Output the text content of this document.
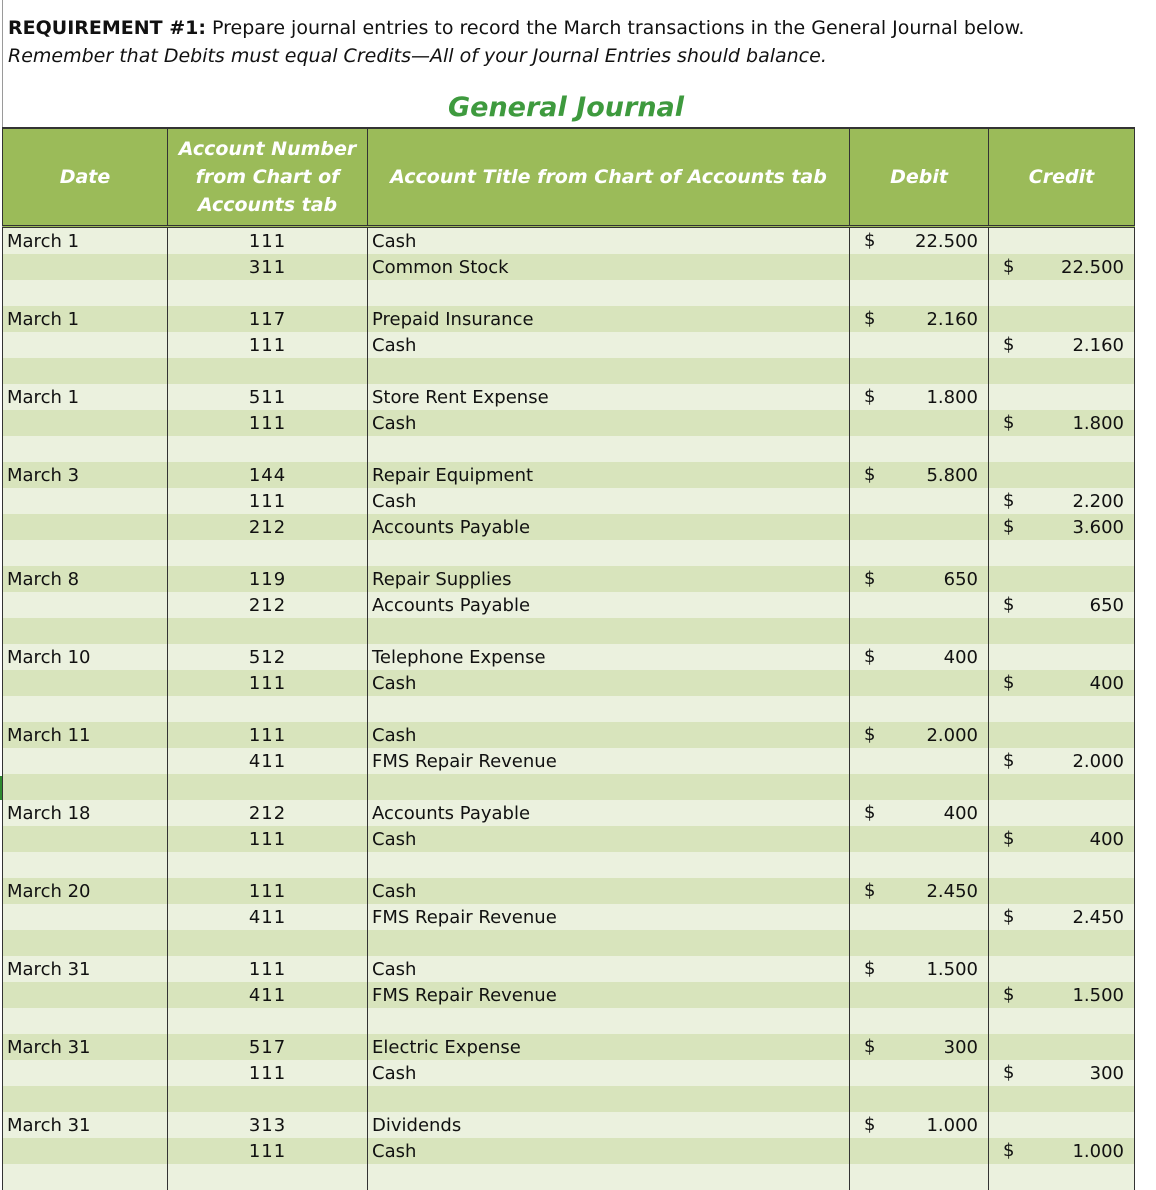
REQUIREMENT #1: Prepare journal entries to record the March transactions in the General Journal below.
Remember that Debits must equal Credits—All of your Journal Entries should balance.
General Journal
Date	Account Number from Chart of Accounts tab	Account Title from Chart of Accounts tab	Debit	Credit
March 1	111	Cash	$ 22.500	
	311	Common Stock		$ 22.500

March 1	117	Prepaid Insurance	$ 2.160	
	111	Cash		$ 2.160

March 1	511	Store Rent Expense	$ 1.800	
	111	Cash		$ 1.800

March 3	144	Repair Equipment	$ 5.800	
	111	Cash		$ 2.200
	212	Accounts Payable		$ 3.600

March 8	119	Repair Supplies	$ 650	
	212	Accounts Payable		$ 650

March 10	512	Telephone Expense	$ 400	
	111	Cash		$ 400

March 11	111	Cash	$ 2.000	
	411	FMS Repair Revenue		$ 2.000

March 18	212	Accounts Payable	$ 400	
	111	Cash		$ 400

March 20	111	Cash	$ 2.450	
	411	FMS Repair Revenue		$ 2.450

March 31	111	Cash	$ 1.500	
	411	FMS Repair Revenue		$ 1.500

March 31	517	Electric Expense	$ 300	
	111	Cash		$ 300

March 31	313	Dividends	$ 1.000	
	111	Cash		$ 1.000
